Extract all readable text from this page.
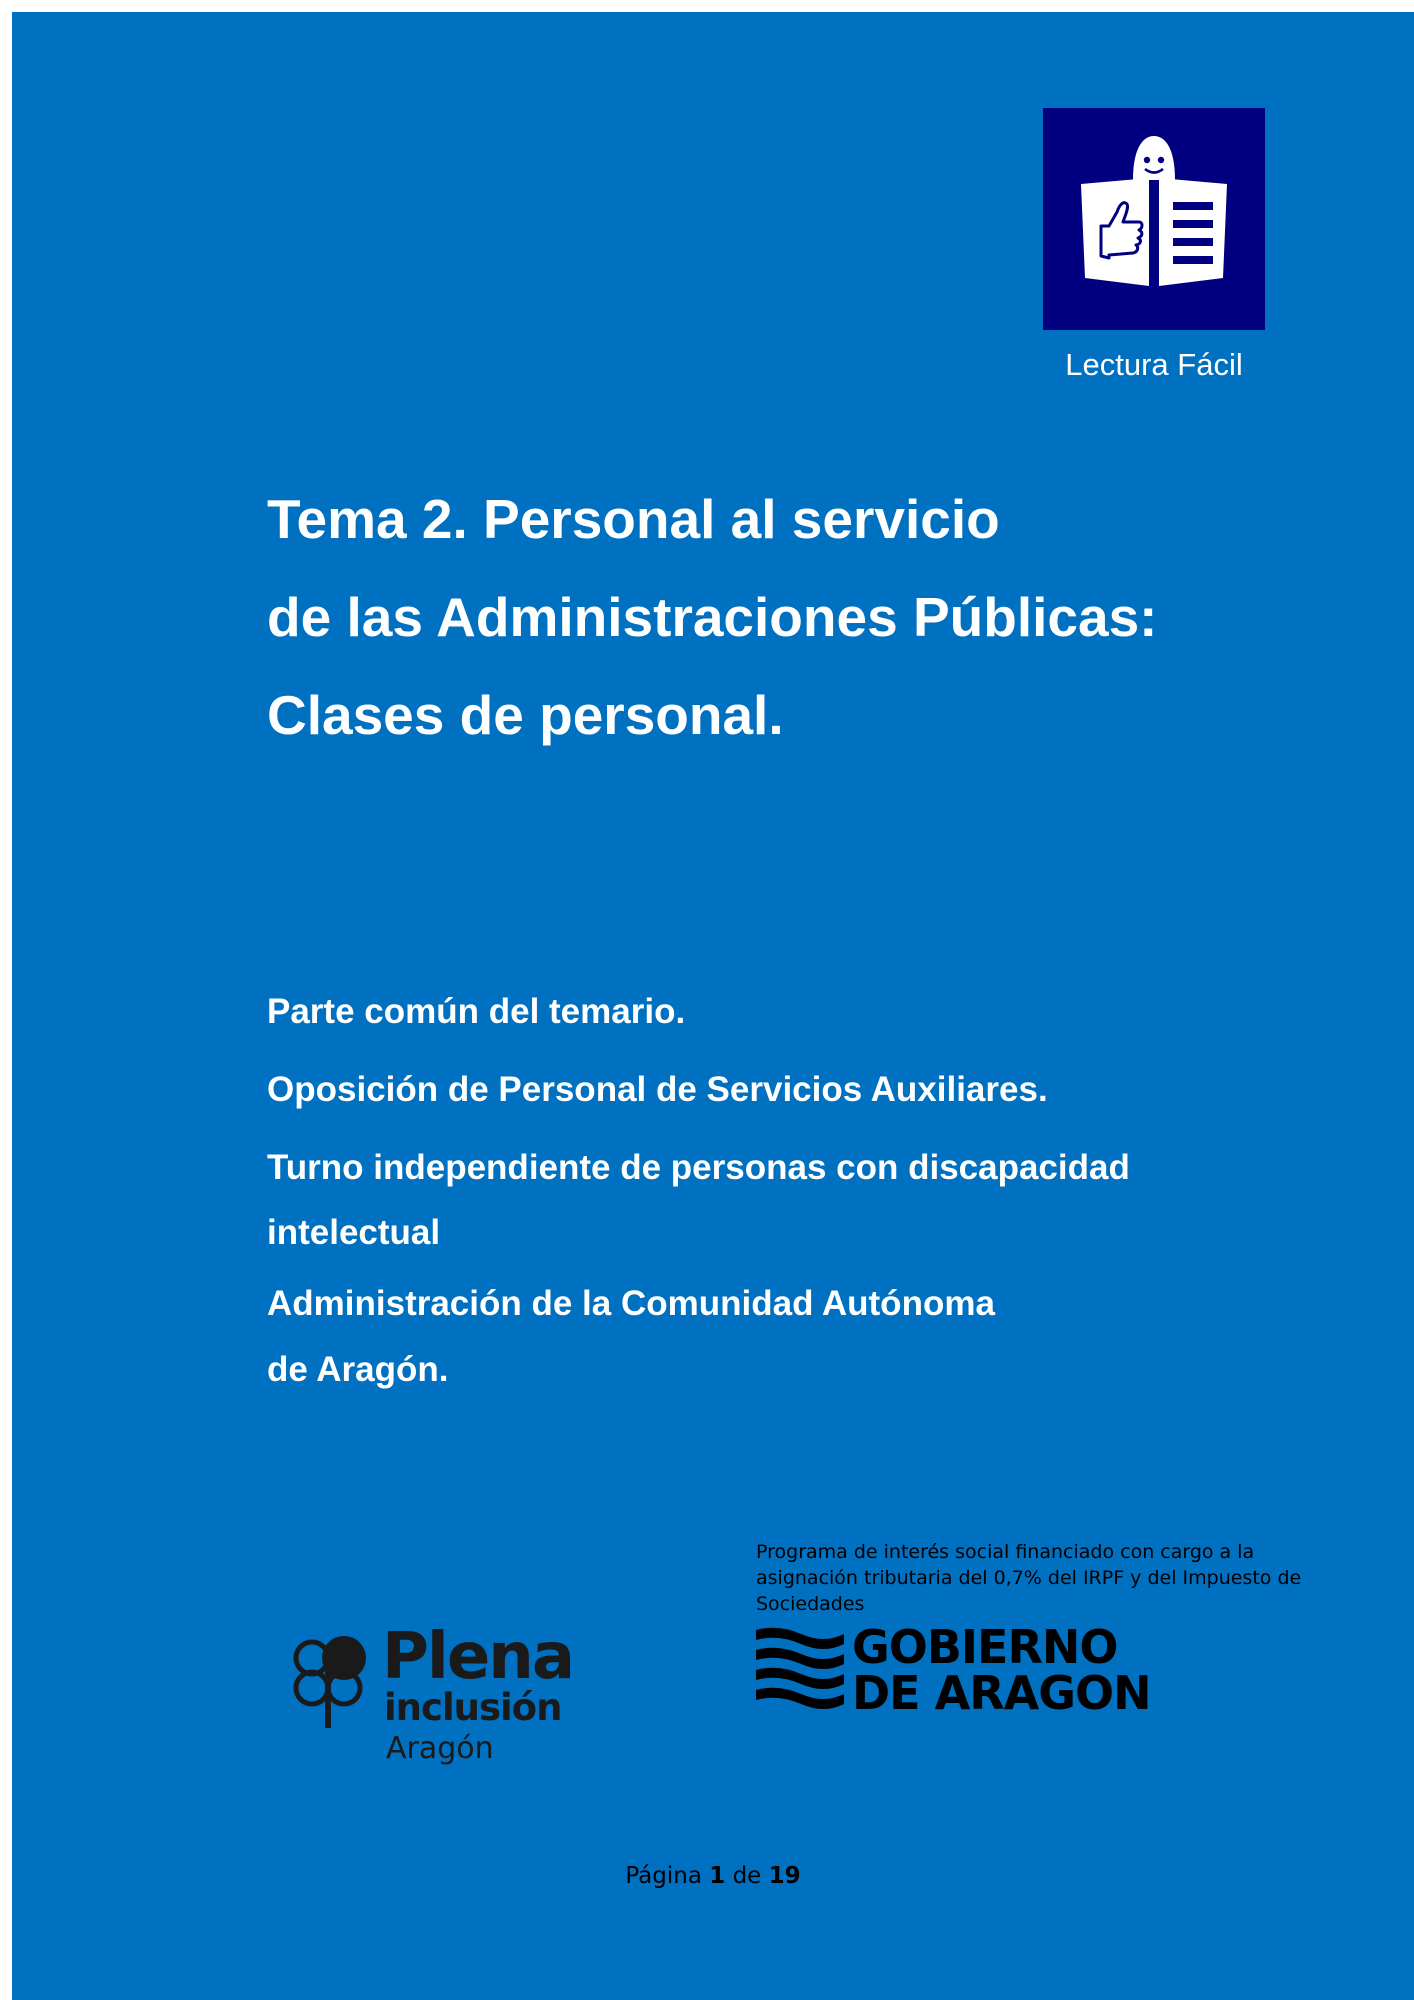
Lectura Fácil
Tema 2. Personal al servicio
de las Administraciones Públicas:
Clases de personal.
Parte común del temario.
Oposición de Personal de Servicios Auxiliares.
Turno independiente de personas con discapacidad
intelectual
Administración de la Comunidad Autónoma
de Aragón.
Plena
inclusión
Aragón
Programa de interés social financiado con cargo a la asignación tributaria del 0,7% del IRPF y del Impuesto de Sociedades
GOBIERNO
DE ARAGON
Página 1 de 19
